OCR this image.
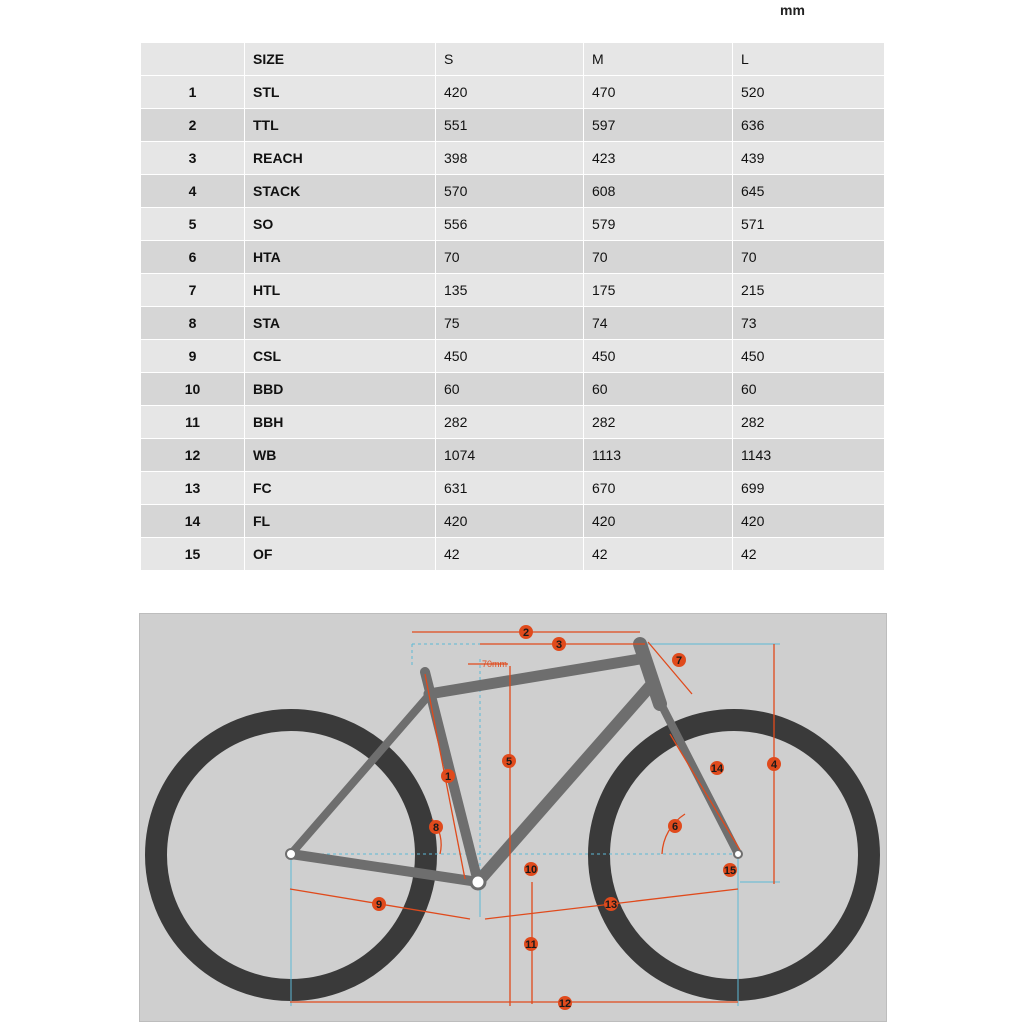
mm
	SIZE	S	M	L
1	STL	420	470	520
2	TTL	551	597	636
3	REACH	398	423	439
4	STACK	570	608	645
5	SO	556	579	571
6	HTA	70	70	70
7	HTL	135	175	215
8	STA	75	74	73
9	CSL	450	450	450
10	BBD	60	60	60
11	BBH	282	282	282
12	WB	1074	1113	1143
13	FC	631	670	699
14	FL	420	420	420
15	OF	42	42	42
70mm
1
2
3
4
5
6
7
8
9
10
11
12
13
14
15
